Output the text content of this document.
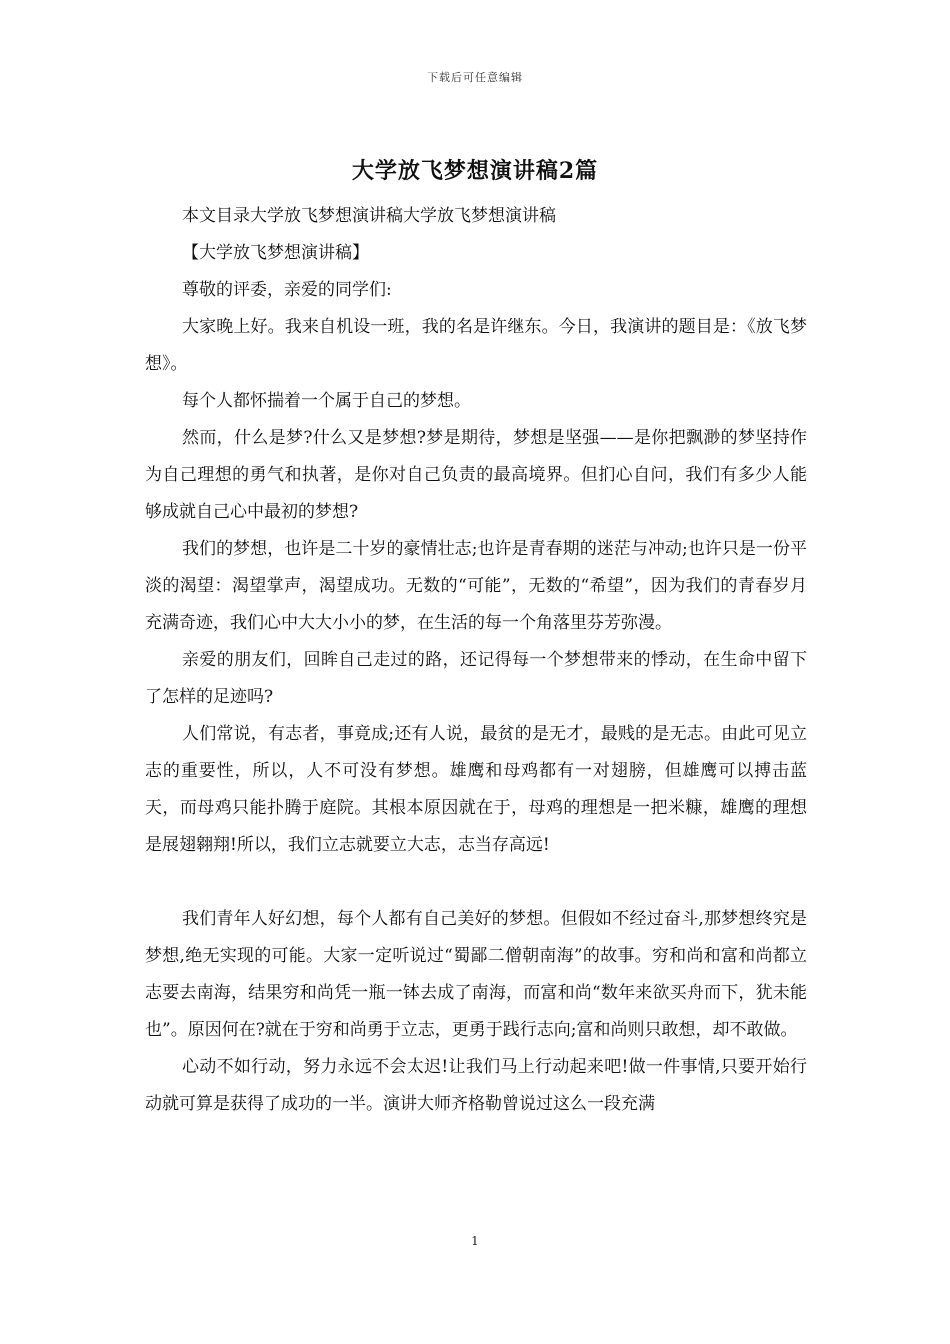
下载后可任意编辑
大学放飞梦想演讲稿2篇

本文目录大学放飞梦想演讲稿大学放飞梦想演讲稿

【大学放飞梦想演讲稿】

尊敬的评委，亲爱的同学们:

大家晚上好。我来自机设一班，我的名是许继东。今日，我演讲的题目是：《放飞梦想》。

每个人都怀揣着一个属于自己的梦想。

然而，什么是梦?什么又是梦想?梦是期待，梦想是坚强——是你把飘渺的梦坚持作为自己理想的勇气和执著，是你对自己负责的最高境界。但扪心自问，我们有多少人能够成就自己心中最初的梦想?

我们的梦想，也许是二十岁的豪情壮志;也许是青春期的迷茫与冲动;也许只是一份平淡的渴望：渴望掌声，渴望成功。无数的“可能”，无数的“希望”，因为我们的青春岁月充满奇迹，我们心中大大小小的梦，在生活的每一个角落里芬芳弥漫。

亲爱的朋友们，回眸自己走过的路，还记得每一个梦想带来的悸动，在生命中留下了怎样的足迹吗?

人们常说，有志者，事竟成;还有人说，最贫的是无才，最贱的是无志。由此可见立志的重要性，所以，人不可没有梦想。雄鹰和母鸡都有一对翅膀，但雄鹰可以搏击蓝天，而母鸡只能扑腾于庭院。其根本原因就在于，母鸡的理想是一把米糠，雄鹰的理想是展翅翱翔!所以，我们立志就要立大志，志当存高远!

我们青年人好幻想，每个人都有自己美好的梦想。但假如不经过奋斗,那梦想终究是梦想,绝无实现的可能。大家一定听说过“蜀鄙二僧朝南海”的故事。穷和尚和富和尚都立志要去南海，结果穷和尚凭一瓶一钵去成了南海，而富和尚“数年来欲买舟而下，犹未能也”。原因何在?就在于穷和尚勇于立志，更勇于践行志向;富和尚则只敢想，却不敢做。

心动不如行动，努力永远不会太迟!让我们马上行动起来吧!做一件事情,只要开始行动就可算是获得了成功的一半。演讲大师齐格勒曾说过这么一段充满

1
